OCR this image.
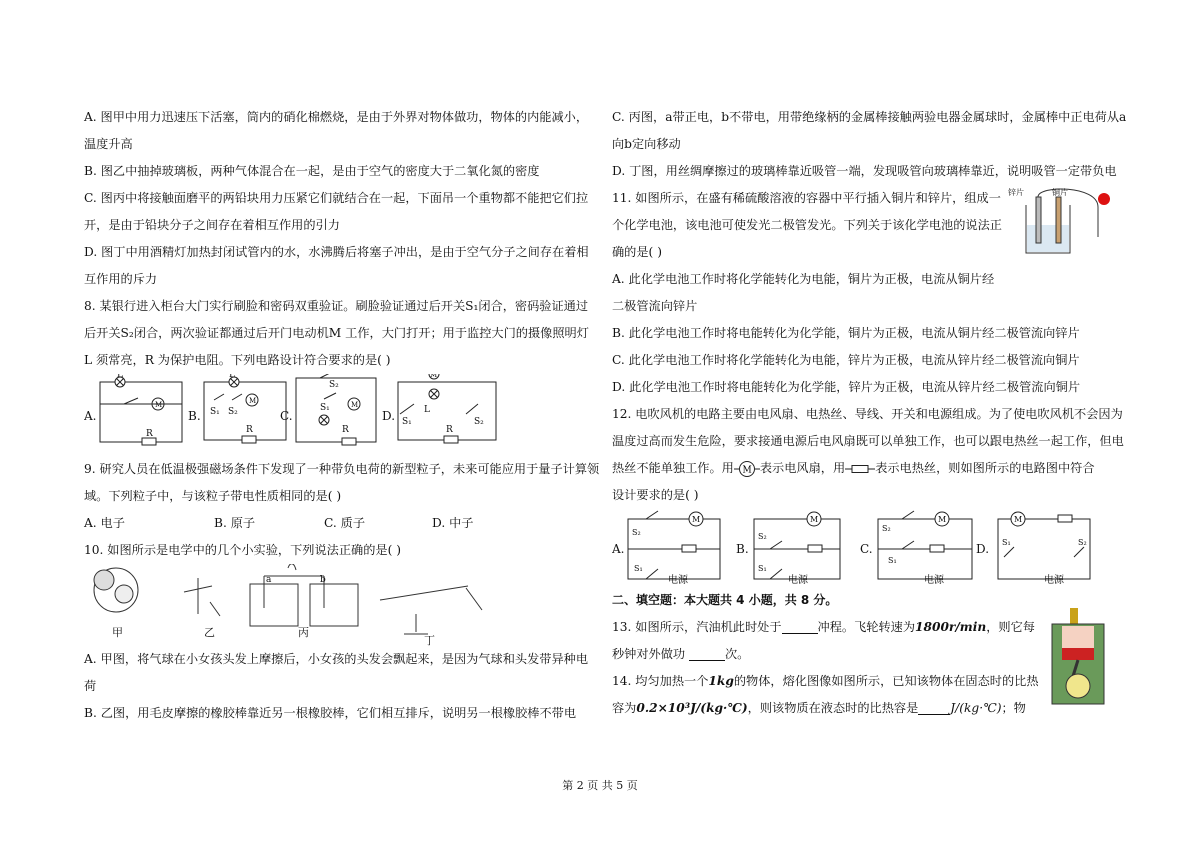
A. 图甲中用力迅速压下活塞，筒内的硝化棉燃烧，是由于外界对物体做功，物体的内能减小，
温度升高
B. 图乙中抽掉玻璃板，两种气体混合在一起，是由于空气的密度大于二氧化氮的密度
C. 图丙中将接触面磨平的两铅块用力压紧它们就结合在一起，下面吊一个重物都不能把它们拉
开，是由于铅块分子之间存在着相互作用的引力
D. 图丁中用酒精灯加热封闭试管内的水，水沸腾后将塞子冲出，是由于空气分子之间存在着相
互作用的斥力
8. 某银行进入柜台大门实行刷脸和密码双重验证。刷脸验证通过后开关S₁闭合，密码验证通过
后开关S₂闭合，两次验证都通过后开门电动机M 工作，大门打开；用于监控大门的摄像照明灯
L 须常亮，R 为保护电阻。下列电路设计符合要求的是( )
L
M
R
L
S₁ S₂
M
R
S₂
S₁	M
R
M
S₁
L
S₂
R
A.	B.	C.	D.
9. 研究人员在低温极强磁场条件下发现了一种带负电荷的新型粒子，未来可能应用于量子计算领
域。下列粒子中，与该粒子带电性质相同的是( )
A. 电子	B. 原子	C. 质子	D. 中子
10. 如图所示是电学中的几个小实验，下列说法正确的是( )
a	b
甲	乙	丙
丁
A. 甲图，将气球在小女孩头发上摩擦后，小女孩的头发会飘起来，是因为气球和头发带异种电
荷
B. 乙图，用毛皮摩擦的橡胶棒靠近另一根橡胶棒，它们相互排斥，说明另一根橡胶棒不带电
C. 丙图，a带正电，b不带电，用带绝缘柄的金属棒接触两验电器金属球时，金属棒中正电荷从a
向b定向移动
D. 丁图，用丝绸摩擦过的玻璃棒靠近吸管一端，发现吸管向玻璃棒靠近，说明吸管一定带负电
11. 如图所示，在盛有稀硫酸溶液的容器中平行插入铜片和锌片，组成一
个化学电池，该电池可使发光二极管发光。下列关于该化学电池的说法正
确的是( )
A. 此化学电池工作时将化学能转化为电能，铜片为正极，电流从铜片经
二极管流向锌片
锌片	铜片
B. 此化学电池工作时将电能转化为化学能，铜片为正极，电流从铜片经二极管流向锌片
C. 此化学电池工作时将化学能转化为电能，锌片为正极，电流从锌片经二极管流向铜片
D. 此化学电池工作时将电能转化为化学能，锌片为正极，电流从锌片经二极管流向铜片
12. 电吹风机的电路主要由电风扇、电热丝、导线、开关和电源组成。为了使电吹风机不会因为
温度过高而发生危险，要求接通电源后电风扇既可以单独工作，也可以跟电热丝一起工作，但电
热丝不能单独工作。用 M 表示电风扇，用 表示电热丝，则如图所示的电路图中符合
设计要求的是( )
M	M	M	M
S₂
S₁
S₂
S₁
S₂
S₁
S₁	S₂
电源	电源	电源	电源
A.	B.	C.	D.
二、填空题：本大题共 4 小题，共 8 分。
13. 如图所示，汽油机此时处于	冲程。飞轮转速为1800r/min，则它每
秒钟对外做功	次。
14. 均匀加热一个1kg的物体，熔化图像如图所示，已知该物体在固态时的比热
容为0.2×10³J/(kg·℃)，则该物质在液态时的比热容是	J/(kg·℃)；物
第 2 页 共 5 页
